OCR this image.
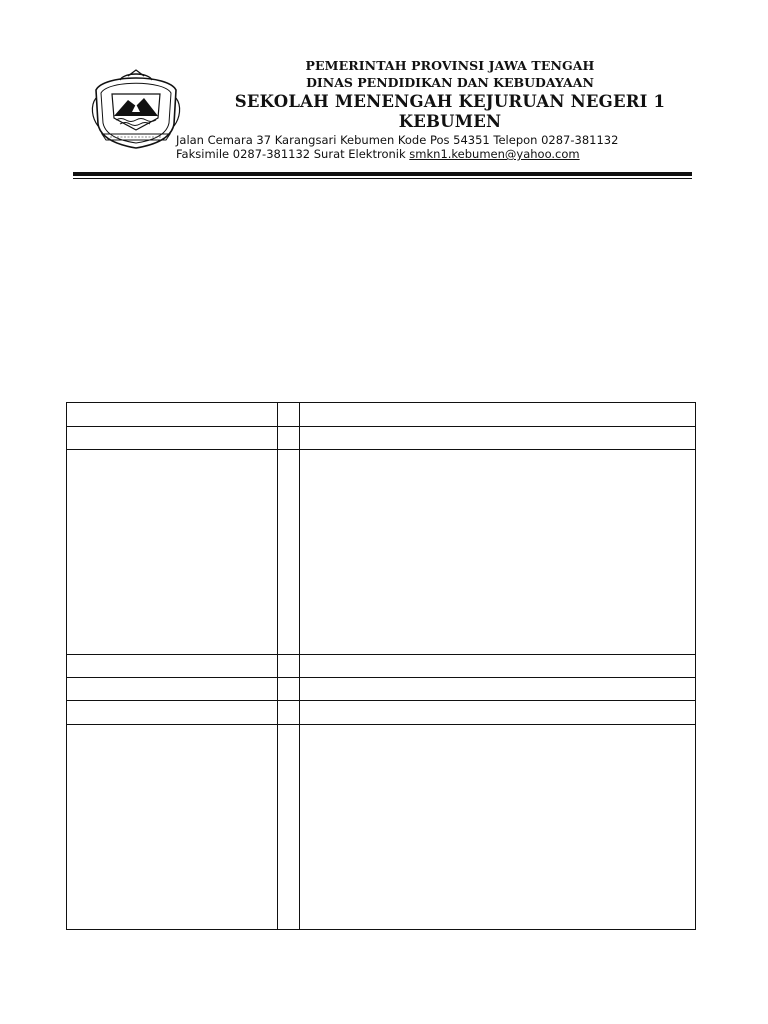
PEMERINTAH PROVINSI JAWA TENGAH
DINAS PENDIDIKAN DAN KEBUDAYAAN
SEKOLAH MENENGAH KEJURUAN NEGERI 1
KEBUMEN
Jalan Cemara 37 Karangsari Kebumen Kode Pos 54351 Telepon 0287-381132
Faksimile 0287-381132 Surat Elektronik smkn1.kebumen@yahoo.com
